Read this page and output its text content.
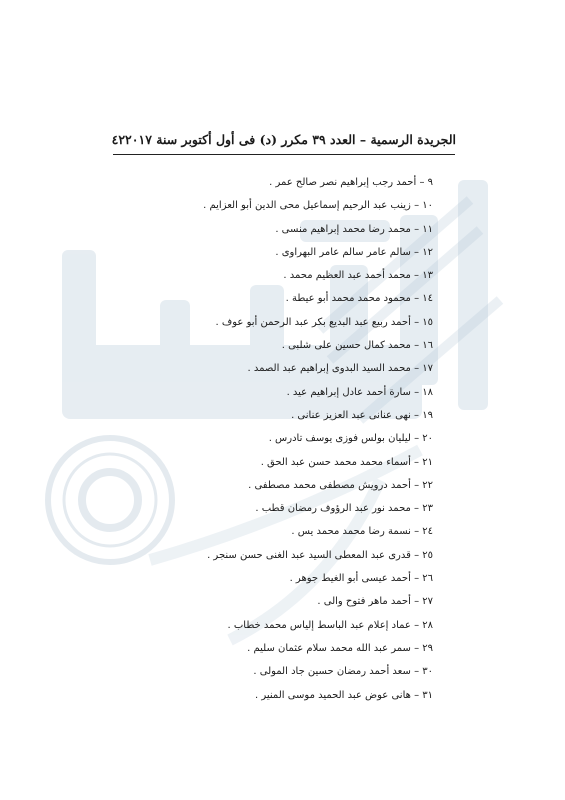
الجريدة الرسمية – العدد ٣٩ مكرر (د) فى أول أكتوبر سنة ٢٠١٧
٤٢
٩ – أحمد رجب إبراهيم نصر صالح عمر .
١٠ – زينب عبد الرحيم إسماعيل محى الدين أبو العزايم .
١١ – محمد رضا محمد إبراهيم منسى .
١٢ – سالم عامر سالم عامر البهراوى .
١٣ – محمد أحمد عبد العظيم محمد .
١٤ – محمود محمد محمد أبو عيطة .
١٥ – أحمد ربيع عبد البديع بكر عبد الرحمن أبو عوف .
١٦ – محمد كمال حسين على شلبى .
١٧ – محمد السيد البدوى إبراهيم عبد الصمد .
١٨ – سارة أحمد عادل إبراهيم عيد .
١٩ – نهى عنانى عبد العزيز عنانى .
٢٠ – ليليان بولس فوزى يوسف تادرس .
٢١ – أسماء محمد محمد حسن عبد الحق .
٢٢ – أحمد درويش مصطفى محمد مصطفى .
٢٣ – محمد نور عبد الرؤوف رمضان قطب .
٢٤ – نسمة رضا محمد محمد يس .
٢٥ – قدرى عبد المعطى السيد عبد الغنى حسن سنجر .
٢٦ – أحمد عيسى أبو الغيط جوهر .
٢٧ – أحمد ماهر فتوح والى .
٢٨ – عماد إعلام عبد الباسط إلياس محمد خطاب .
٢٩ – سمر عبد الله محمد سلام عثمان سليم .
٣٠ – سعد أحمد رمضان حسين جاد المولى .
٣١ – هانى عوض عبد الحميد موسى المنير .
